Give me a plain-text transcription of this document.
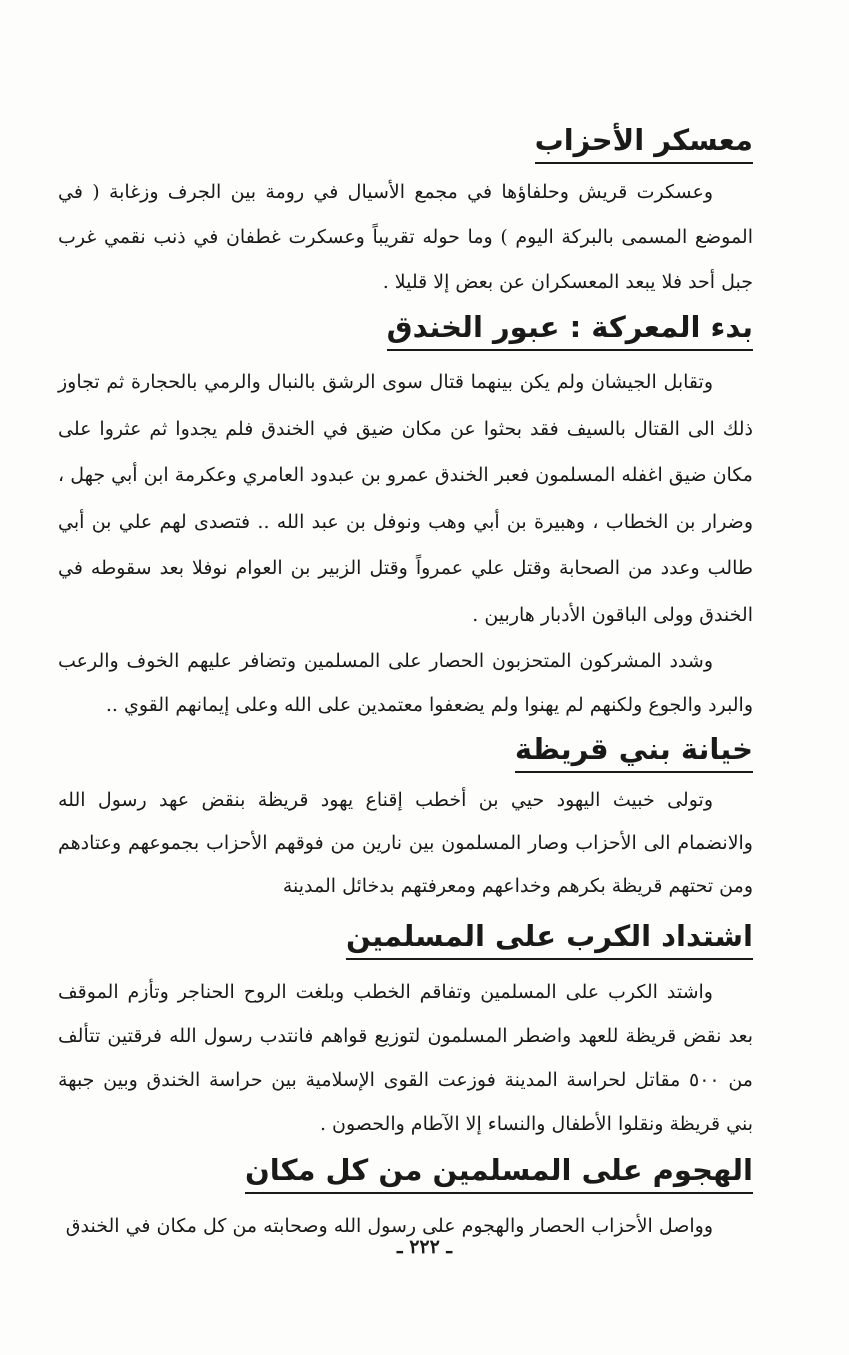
معسكر الأحزاب

وعسكرت قريش وحلفاؤها في مجمع الأسيال في رومة بين الجرف وزغابة ( في الموضع المسمى بالبركة اليوم ) وما حوله تقريباً وعسكرت غطفان في ذنب نقمي غرب جبل أحد فلا يبعد المعسكران عن بعض إلا قليلا .

بدء المعركة : عبور الخندق

وتقابل الجيشان ولم يكن بينهما قتال سوى الرشق بالنبال والرمي بالحجارة ثم تجاوز ذلك الى القتال بالسيف فقد بحثوا عن مكان ضيق في الخندق فلم يجدوا ثم عثروا على مكان ضيق اغفله المسلمون فعبر الخندق عمرو بن عبدود العامري وعكرمة ابن أبي جهل ، وضرار بن الخطاب ، وهبيرة بن أبي وهب ونوفل بن عبد الله .. فتصدى لهم علي بن أبي طالب وعدد من الصحابة وقتل علي عمرواً وقتل الزبير بن العوام نوفلا بعد سقوطه في الخندق وولى الباقون الأدبار هاربين .

وشدد المشركون المتحزبون الحصار على المسلمين وتضافر عليهم الخوف والرعب والبرد والجوع ولكنهم لم يهنوا ولم يضعفوا معتمدين على الله وعلى إيمانهم القوي ..

خيانة بني قريظة

وتولى خبيث اليهود حيي بن أخطب إقناع يهود قريظة بنقض عهد رسول الله والانضمام الى الأحزاب وصار المسلمون بين نارين من فوقهم الأحزاب بجموعهم وعتادهم ومن تحتهم قريظة بكرهم وخداعهم ومعرفتهم بدخائل المدينة

اشتداد الكرب على المسلمين

واشتد الكرب على المسلمين وتفاقم الخطب وبلغت الروح الحناجر وتأزم الموقف بعد نقض قريظة للعهد واضطر المسلمون لتوزيع قواهم فانتدب رسول الله فرقتين تتألف من ٥٠٠ مقاتل لحراسة المدينة فوزعت القوى الإسلامية بين حراسة الخندق وبين جبهة بني قريظة ونقلوا الأطفال والنساء إلا الآطام والحصون .

الهجوم على المسلمين من كل مكان

وواصل الأحزاب الحصار والهجوم على رسول الله وصحابته من كل مكان في الخندق

ـ ٢٢٢ ـ
